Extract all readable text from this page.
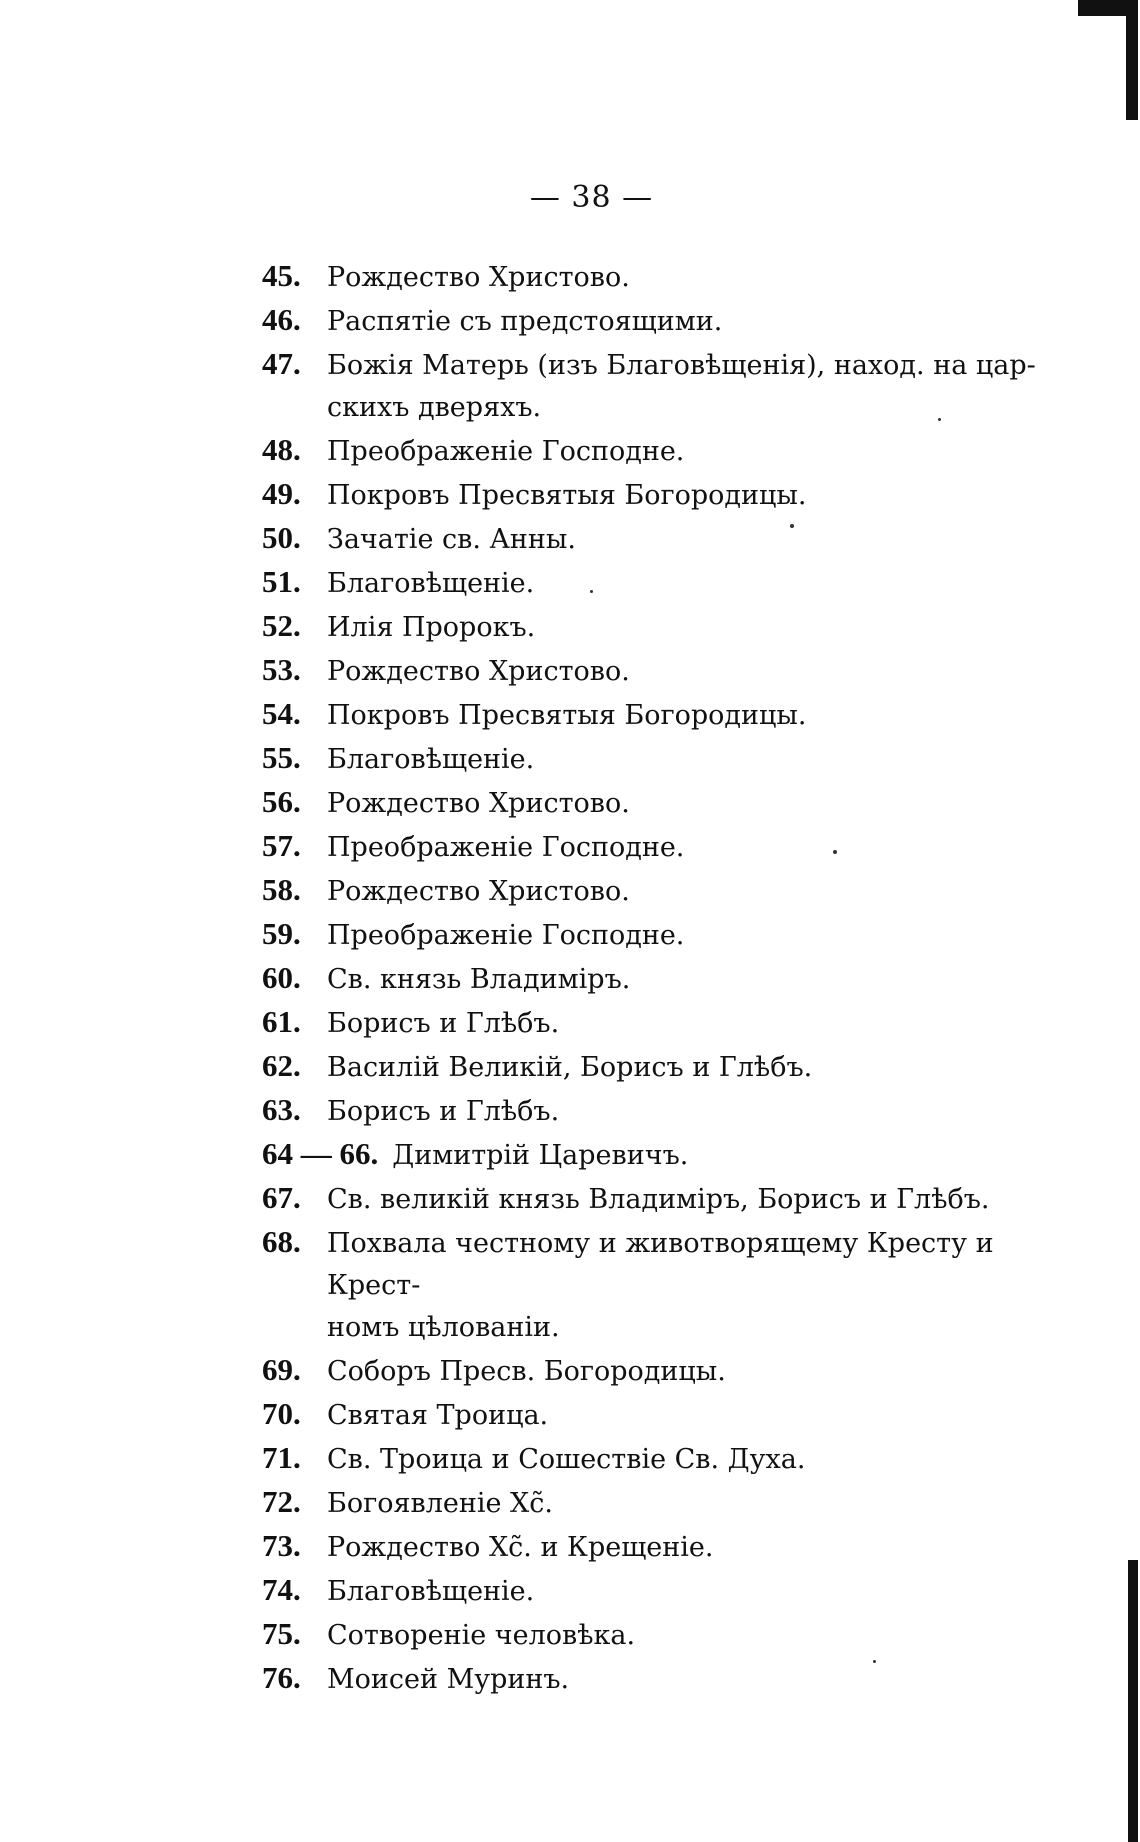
— 38 —
45. Рождество Христово.
46. Распятіе съ предстоящими.
47. Божія Матерь (изъ Благовѣщенія), наход. на цар-
скихъ дверяхъ.
48. Преображеніе Господне.
49. Покровъ Пресвятыя Богородицы.
50. Зачатіе св. Анны.
51. Благовѣщеніе.
52. Илія Пророкъ.
53. Рождество Христово.
54. Покровъ Пресвятыя Богородицы.
55. Благовѣщеніе.
56. Рождество Христово.
57. Преображеніе Господне.
58. Рождество Христово.
59. Преображеніе Господне.
60. Св. князь Владиміръ.
61. Борисъ и Глѣбъ.
62. Василій Великій, Борисъ и Глѣбъ.
63. Борисъ и Глѣбъ.
64 — 66. Димитрій Царевичъ.
67. Св. великій князь Владиміръ, Борисъ и Глѣбъ.
68. Похвала честному и животворящему Кресту и Крест-
номъ цѣлованіи.
69. Соборъ Пресв. Богородицы.
70. Святая Троица.
71. Св. Троица и Сошествіе Св. Духа.
72. Богоявленіе Хс̃.
73. Рождество Хс̃. и Крещеніе.
74. Благовѣщеніе.
75. Сотвореніе человѣка.
76. Моисей Муринъ.
